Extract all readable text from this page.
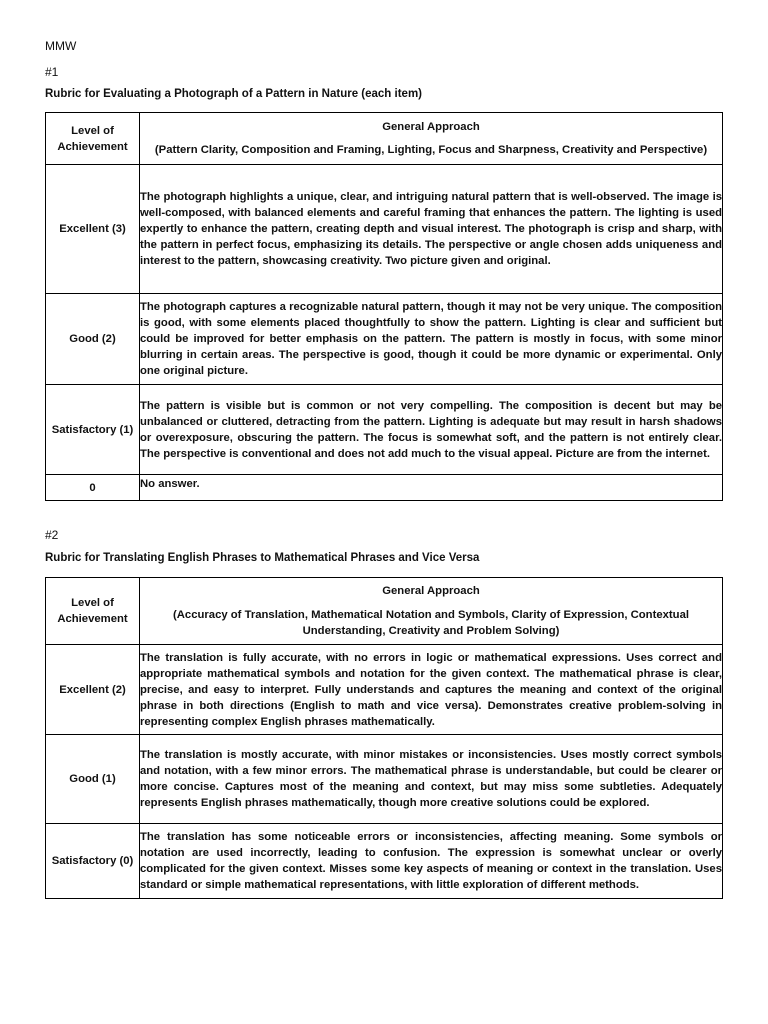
MMW
#1
Rubric for Evaluating a Photograph of a Pattern in Nature (each item)
Level of Achievement	General Approach
(Pattern Clarity, Composition and Framing, Lighting, Focus and Sharpness, Creativity and Perspective)

Excellent (3)	The photograph highlights a unique, clear, and intriguing natural pattern that is well-observed. The image is well-composed, with balanced elements and careful framing that enhances the pattern. The lighting is used expertly to enhance the pattern, creating depth and visual interest. The photograph is crisp and sharp, with the pattern in perfect focus, emphasizing its details. The perspective or angle chosen adds uniqueness and interest to the pattern, showcasing creativity. Two picture given and original.
Good (2)	The photograph captures a recognizable natural pattern, though it may not be very unique. The composition is good, with some elements placed thoughtfully to show the pattern. Lighting is clear and sufficient but could be improved for better emphasis on the pattern. The pattern is mostly in focus, with some minor blurring in certain areas. The perspective is good, though it could be more dynamic or experimental. Only one original picture.
Satisfactory (1)	The pattern is visible but is common or not very compelling. The composition is decent but may be unbalanced or cluttered, detracting from the pattern. Lighting is adequate but may result in harsh shadows or overexposure, obscuring the pattern. The focus is somewhat soft, and the pattern is not entirely clear. The perspective is conventional and does not add much to the visual appeal. Picture are from the internet.
0	No answer.
#2
Rubric for Translating English Phrases to Mathematical Phrases and Vice Versa
Level of Achievement	General Approach
(Accuracy of Translation, Mathematical Notation and Symbols, Clarity of Expression, Contextual Understanding, Creativity and Problem Solving)

Excellent (2)	The translation is fully accurate, with no errors in logic or mathematical expressions. Uses correct and appropriate mathematical symbols and notation for the given context. The mathematical phrase is clear, precise, and easy to interpret. Fully understands and captures the meaning and context of the original phrase in both directions (English to math and vice versa). Demonstrates creative problem-solving in representing complex English phrases mathematically.
Good (1)	The translation is mostly accurate, with minor mistakes or inconsistencies. Uses mostly correct symbols and notation, with a few minor errors. The mathematical phrase is understandable, but could be clearer or more concise. Captures most of the meaning and context, but may miss some subtleties. Adequately represents English phrases mathematically, though more creative solutions could be explored.
Satisfactory (0)	The translation has some noticeable errors or inconsistencies, affecting meaning. Some symbols or notation are used incorrectly, leading to confusion. The expression is somewhat unclear or overly complicated for the given context. Misses some key aspects of meaning or context in the translation. Uses standard or simple mathematical representations, with little exploration of different methods.
